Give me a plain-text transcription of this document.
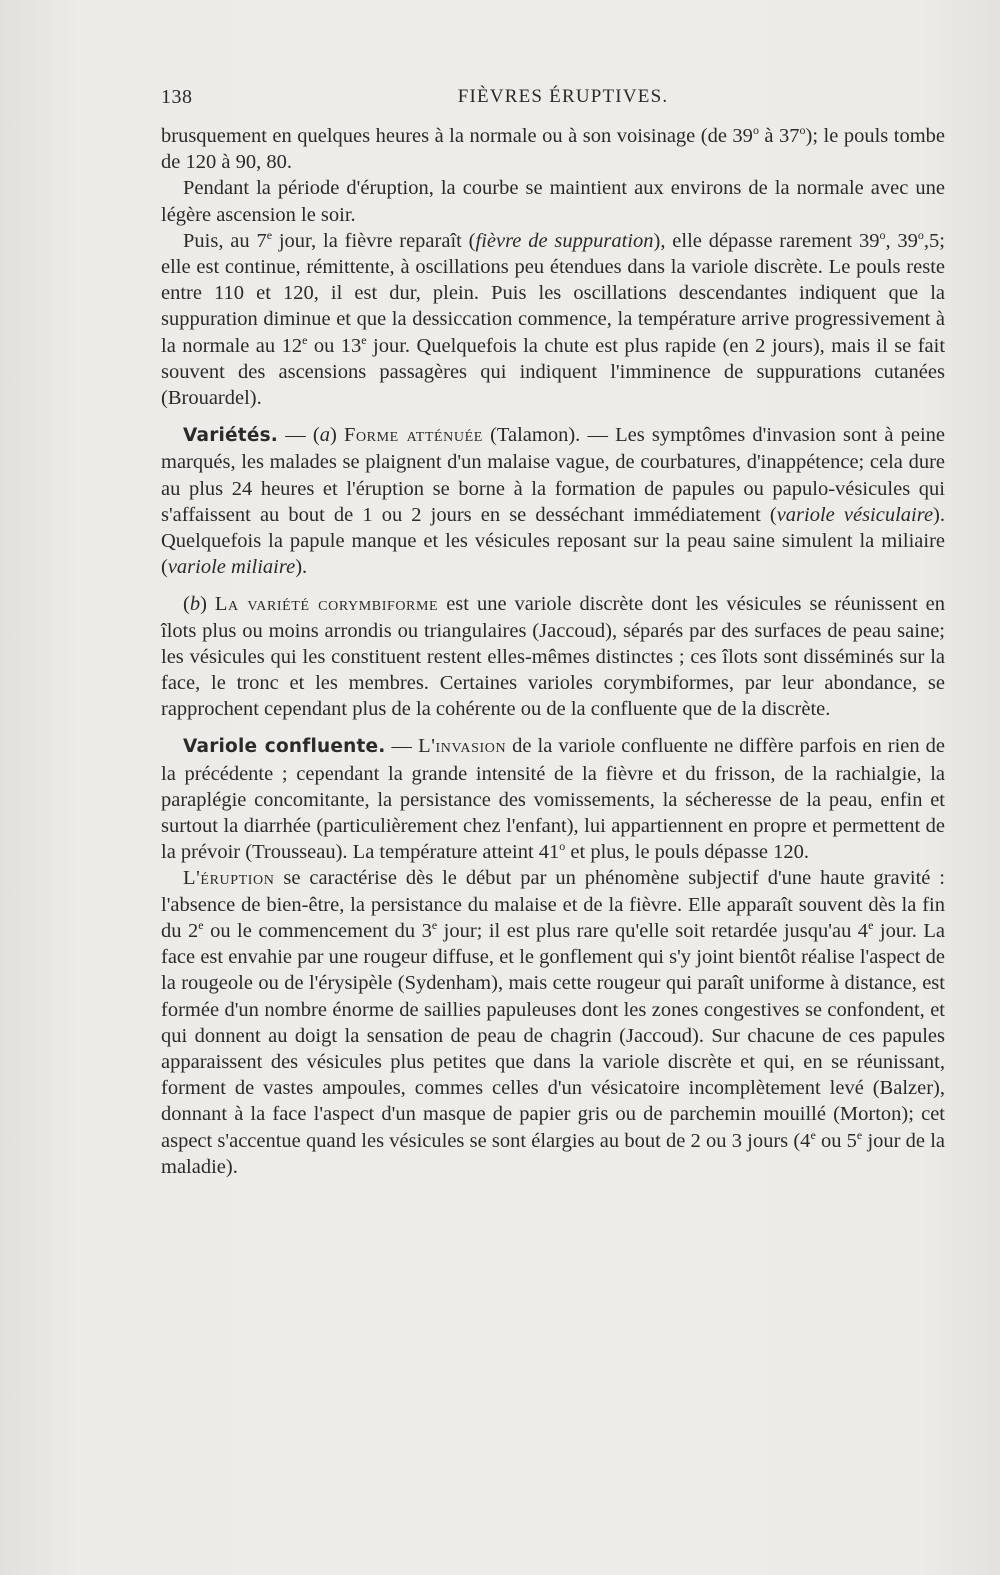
138	FIÈVRES ÉRUPTIVES.

brusquement en quelques heures à la normale ou à son voisinage (de 39$^o$ à 37$^o$); le pouls tombe de 120 à 90, 80.

Pendant la période d'éruption, la courbe se maintient aux environs de la normale avec une légère ascension le soir.

Puis, au 7e jour, la fièvre reparaît (fièvre de suppuration), elle dépasse rarement 39$^o$, 39$^o$,5; elle est continue, rémittente, à oscillations peu étendues dans la variole discrète. Le pouls reste entre 110 et 120, il est dur, plein. Puis les oscillations descendantes indiquent que la suppuration diminue et que la dessiccation commence, la température arrive progressivement à la normale au 12e ou 13e jour. Quelquefois la chute est plus rapide (en 2 jours), mais il se fait souvent des ascensions passagères qui indiquent l'imminence de suppurations cutanées (Brouardel).

Variétés. — (a) Forme atténuée (Talamon). — Les symptômes d'invasion sont à peine marqués, les malades se plaignent d'un malaise vague, de courbatures, d'inappétence; cela dure au plus 24 heures et l'éruption se borne à la formation de papules ou papulo-vésicules qui s'affaissent au bout de 1 ou 2 jours en se desséchant immédiatement (variole vésiculaire). Quelquefois la papule manque et les vésicules reposant sur la peau saine simulent la miliaire (variole miliaire).

(b) La variété corymbiforme est une variole discrète dont les vésicules se réunissent en îlots plus ou moins arrondis ou triangulaires (Jaccoud), séparés par des surfaces de peau saine; les vésicules qui les constituent restent elles-mêmes distinctes ; ces îlots sont disséminés sur la face, le tronc et les membres. Certaines varioles corymbiformes, par leur abondance, se rapprochent cependant plus de la cohérente ou de la confluente que de la discrète.

Variole confluente. — L'invasion de la variole confluente ne diffère parfois en rien de la précédente ; cependant la grande intensité de la fièvre et du frisson, de la rachialgie, la paraplégie concomitante, la persistance des vomissements, la sécheresse de la peau, enfin et surtout la diarrhée (particulièrement chez l'enfant), lui appartiennent en propre et permettent de la prévoir (Trousseau). La température atteint 41$^o$ et plus, le pouls dépasse 120.

L'éruption se caractérise dès le début par un phénomène subjectif d'une haute gravité : l'absence de bien-être, la persistance du malaise et de la fièvre. Elle apparaît souvent dès la fin du 2e ou le commencement du 3e jour; il est plus rare qu'elle soit retardée jusqu'au 4e jour. La face est envahie par une rougeur diffuse, et le gonflement qui s'y joint bientôt réalise l'aspect de la rougeole ou de l'érysipèle (Sydenham), mais cette rougeur qui paraît uniforme à distance, est formée d'un nombre énorme de saillies papuleuses dont les zones congestives se confondent, et qui donnent au doigt la sensation de peau de chagrin (Jaccoud). Sur chacune de ces papules apparaissent des vésicules plus petites que dans la variole discrète et qui, en se réunissant, forment de vastes ampoules, commes celles d'un vésicatoire incomplètement levé (Balzer), donnant à la face l'aspect d'un masque de papier gris ou de parchemin mouillé (Morton); cet aspect s'accentue quand les vésicules se sont élargies au bout de 2 ou 3 jours (4e ou 5e jour de la maladie).
